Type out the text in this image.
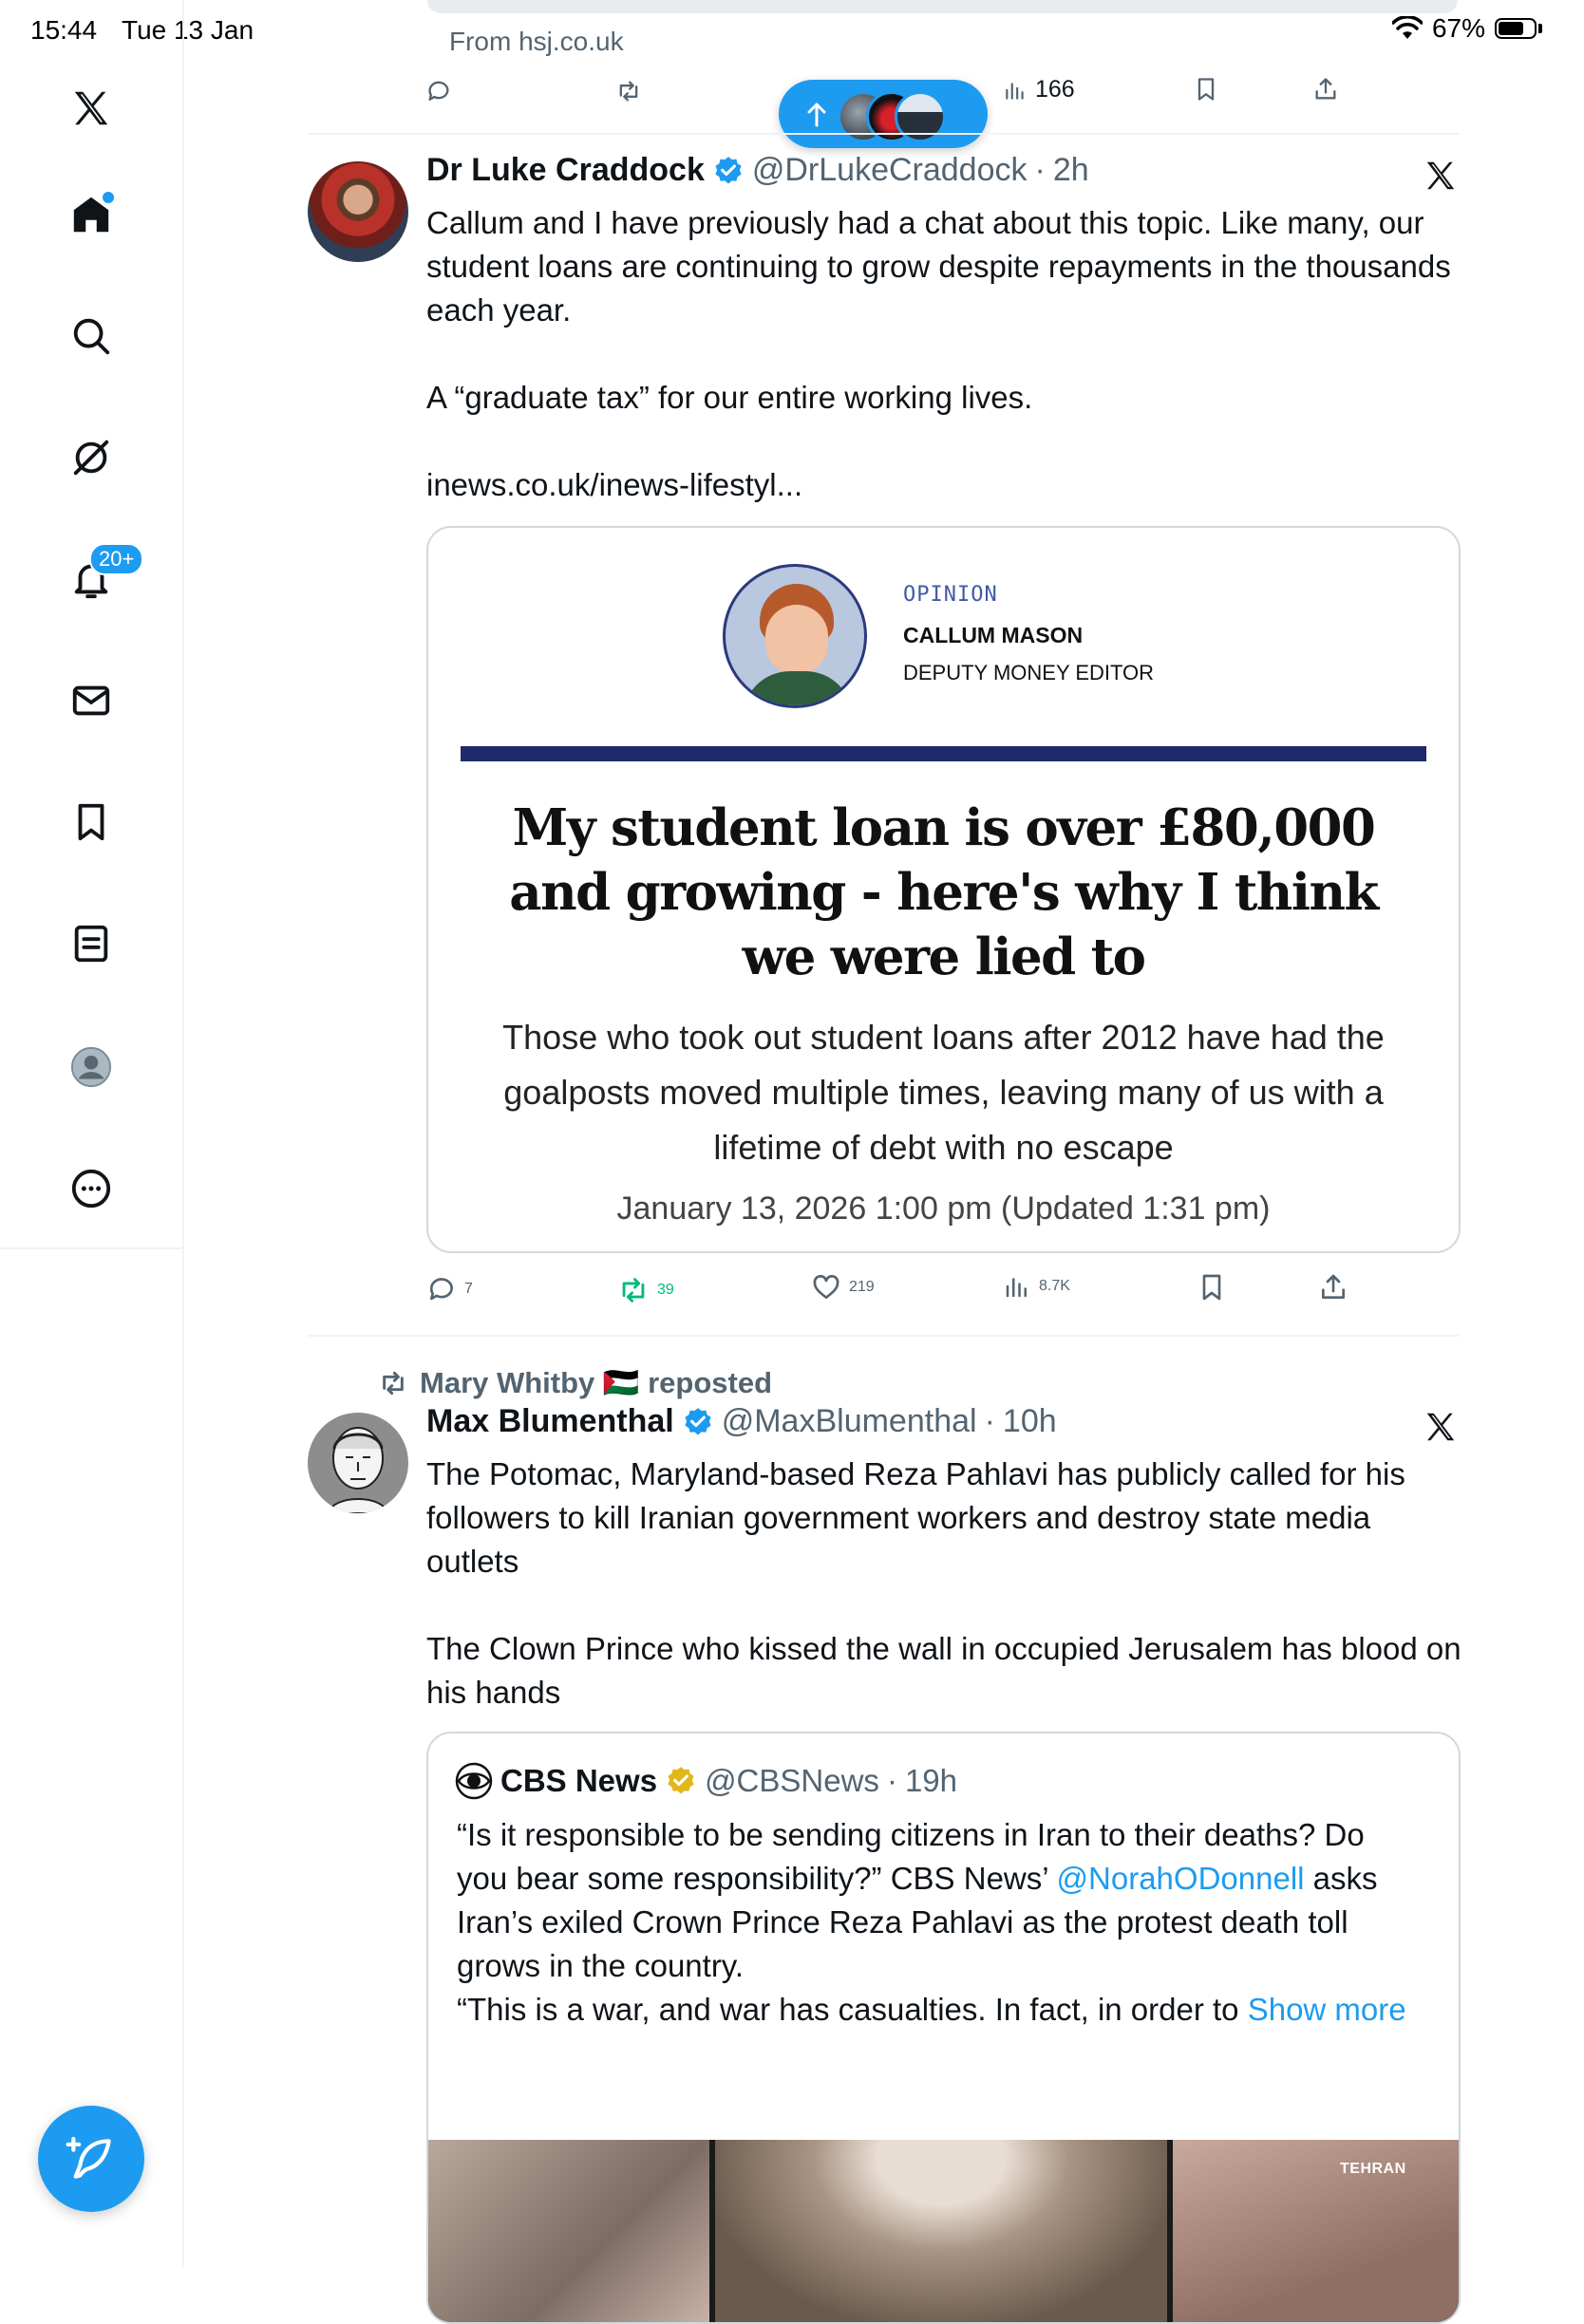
15:44 Tue 13 Jan	67%
20+
From hsj.co.uk
166
Dr Luke Craddock @DrLukeCraddock · 2h
Callum and I have previously had a chat about this topic. Like many, our student loans are continuing to grow despite repayments in the thousands each year.
A “graduate tax” for our entire working lives.
inews.co.uk/inews-lifestyl...
OPINION
CALLUM MASON
DEPUTY MONEY EDITOR
My student loan is over £80,000 and growing - here's why I think we were lied to
Those who took out student loans after 2012 have had the goalposts moved multiple times, leaving many of us with a lifetime of debt with no escape
January 13, 2026 1:00 pm (Updated 1:31 pm)
7	39	219	8.7K
Mary Whitby 🇵🇸 reposted
Max Blumenthal @MaxBlumenthal · 10h
The Potomac, Maryland-based Reza Pahlavi has publicly called for his followers to kill Iranian government workers and destroy state media outlets
The Clown Prince who kissed the wall in occupied Jerusalem has blood on his hands
CBS News @CBSNews · 19h
“Is it responsible to be sending citizens in Iran to their deaths? Do you bear some responsibility?” CBS News’ @NorahODonnell asks Iran’s exiled Crown Prince Reza Pahlavi as the protest death toll grows in the country.
“This is a war, and war has casualties. In fact, in order to Show more
TEHRAN
